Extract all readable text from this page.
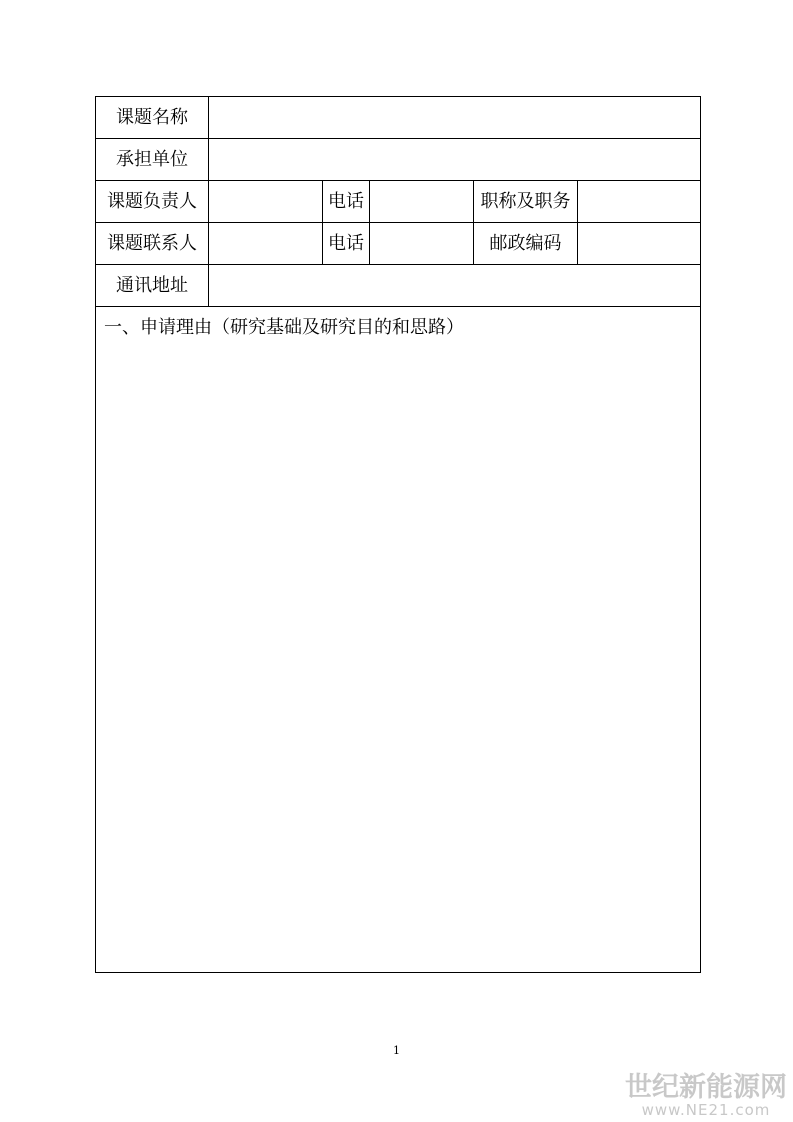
课题名称					
承担单位					
课题负责人		电话		职称及职务	
课题联系人		电话		邮政编码	
通讯地址					

一、申请理由（研究基础及研究目的和思路）					
1
世纪新能源网
www.NE21.com
